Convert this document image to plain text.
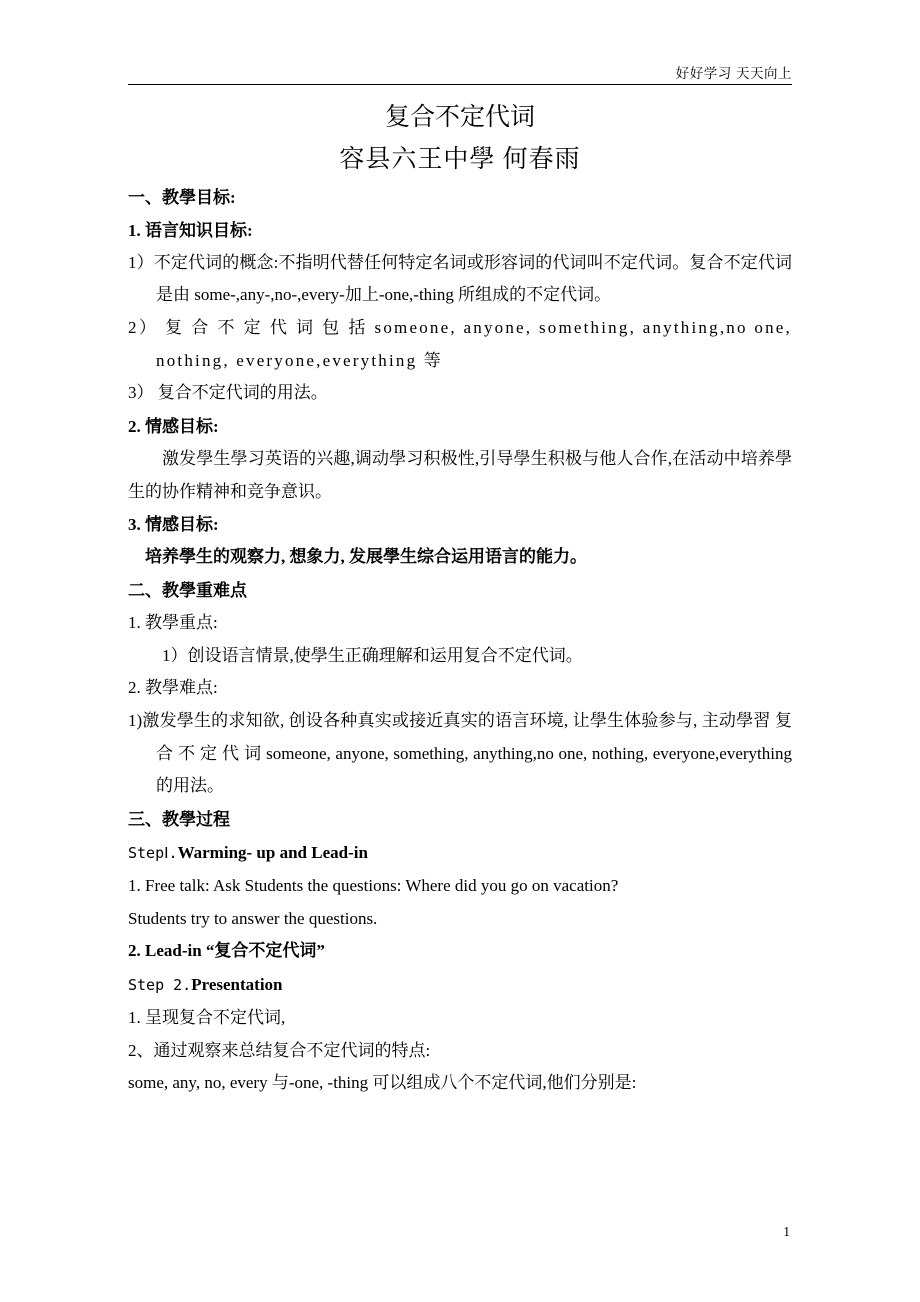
好好学习 天天向上
复合不定代词
容县六王中學 何春雨

一、教學目标:

1. 语言知识目标:

1）不定代词的概念:不指明代替任何特定名词或形容词的代词叫不定代词。复合不定代词是由 some-,any-,no-,every-加上-one,-thing 所组成的不定代词。

2） 复 合 不 定 代 词 包 括 someone, anyone, something, anything,no one, nothing, everyone,everything 等

3） 复合不定代词的用法。

2. 情感目标:

激发學生學习英语的兴趣,调动學习积极性,引导學生积极与他人合作,在活动中培养學生的协作精神和竞争意识。

3. 情感目标:

培养學生的观察力, 想象力, 发展學生综合运用语言的能力。

二、教學重难点

1. 教學重点:

1）创设语言情景,使學生正确理解和运用复合不定代词。

2. 教學难点:

1)激发學生的求知欲, 创设各种真实或接近真实的语言环境, 让學生体验参与, 主动學習 复 合 不 定 代 词 someone, anyone, something, anything,no one, nothing, everyone,everything 的用法。

三、教學过程

StepⅠ.Warming- up and Lead-in

1. Free talk: Ask Students the questions: Where did you go on vacation?

Students try to answer the questions.

2. Lead-in “复合不定代词”

Step 2.Presentation

1. 呈现复合不定代词,

2、通过观察来总结复合不定代词的特点:

some, any, no, every 与-one, -thing 可以组成八个不定代词,他们分别是:

1
